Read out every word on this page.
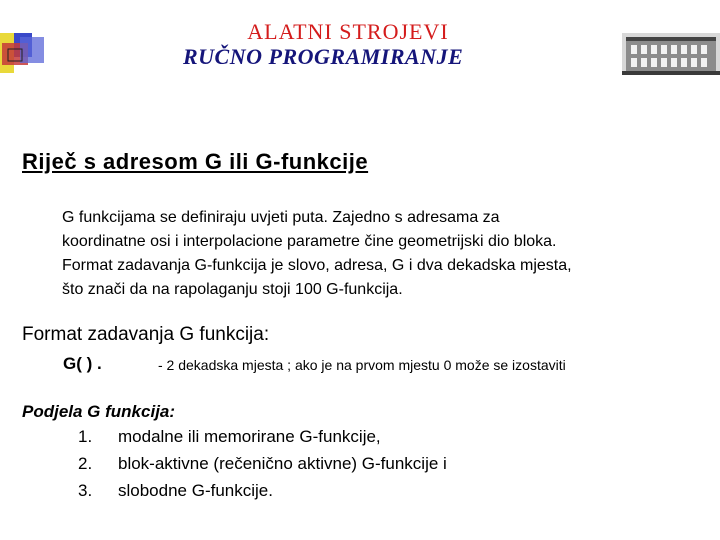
ALATNI STROJEVI
RUČNO PROGRAMIRANJE
Riječ s adresom G ili G-funkcije
G funkcijama se definiraju uvjeti puta. Zajedno s adresama za
koordinatne osi i interpolacione parametre čine geometrijski dio bloka.
Format zadavanja G-funkcija je slovo, adresa, G i dva dekadska mjesta,
što znači da na rapolaganju stoji 100 G-funkcija.
Format zadavanja G funkcija:
G( ) .	- 2 dekadska mjesta ; ako je na prvom mjestu 0 može se izostaviti
Podjela G funkcija:
1.	modalne ili memorirane G-funkcije,
2.	blok-aktivne (rečenično aktivne) G-funkcije i
3.	slobodne G-funkcije.
